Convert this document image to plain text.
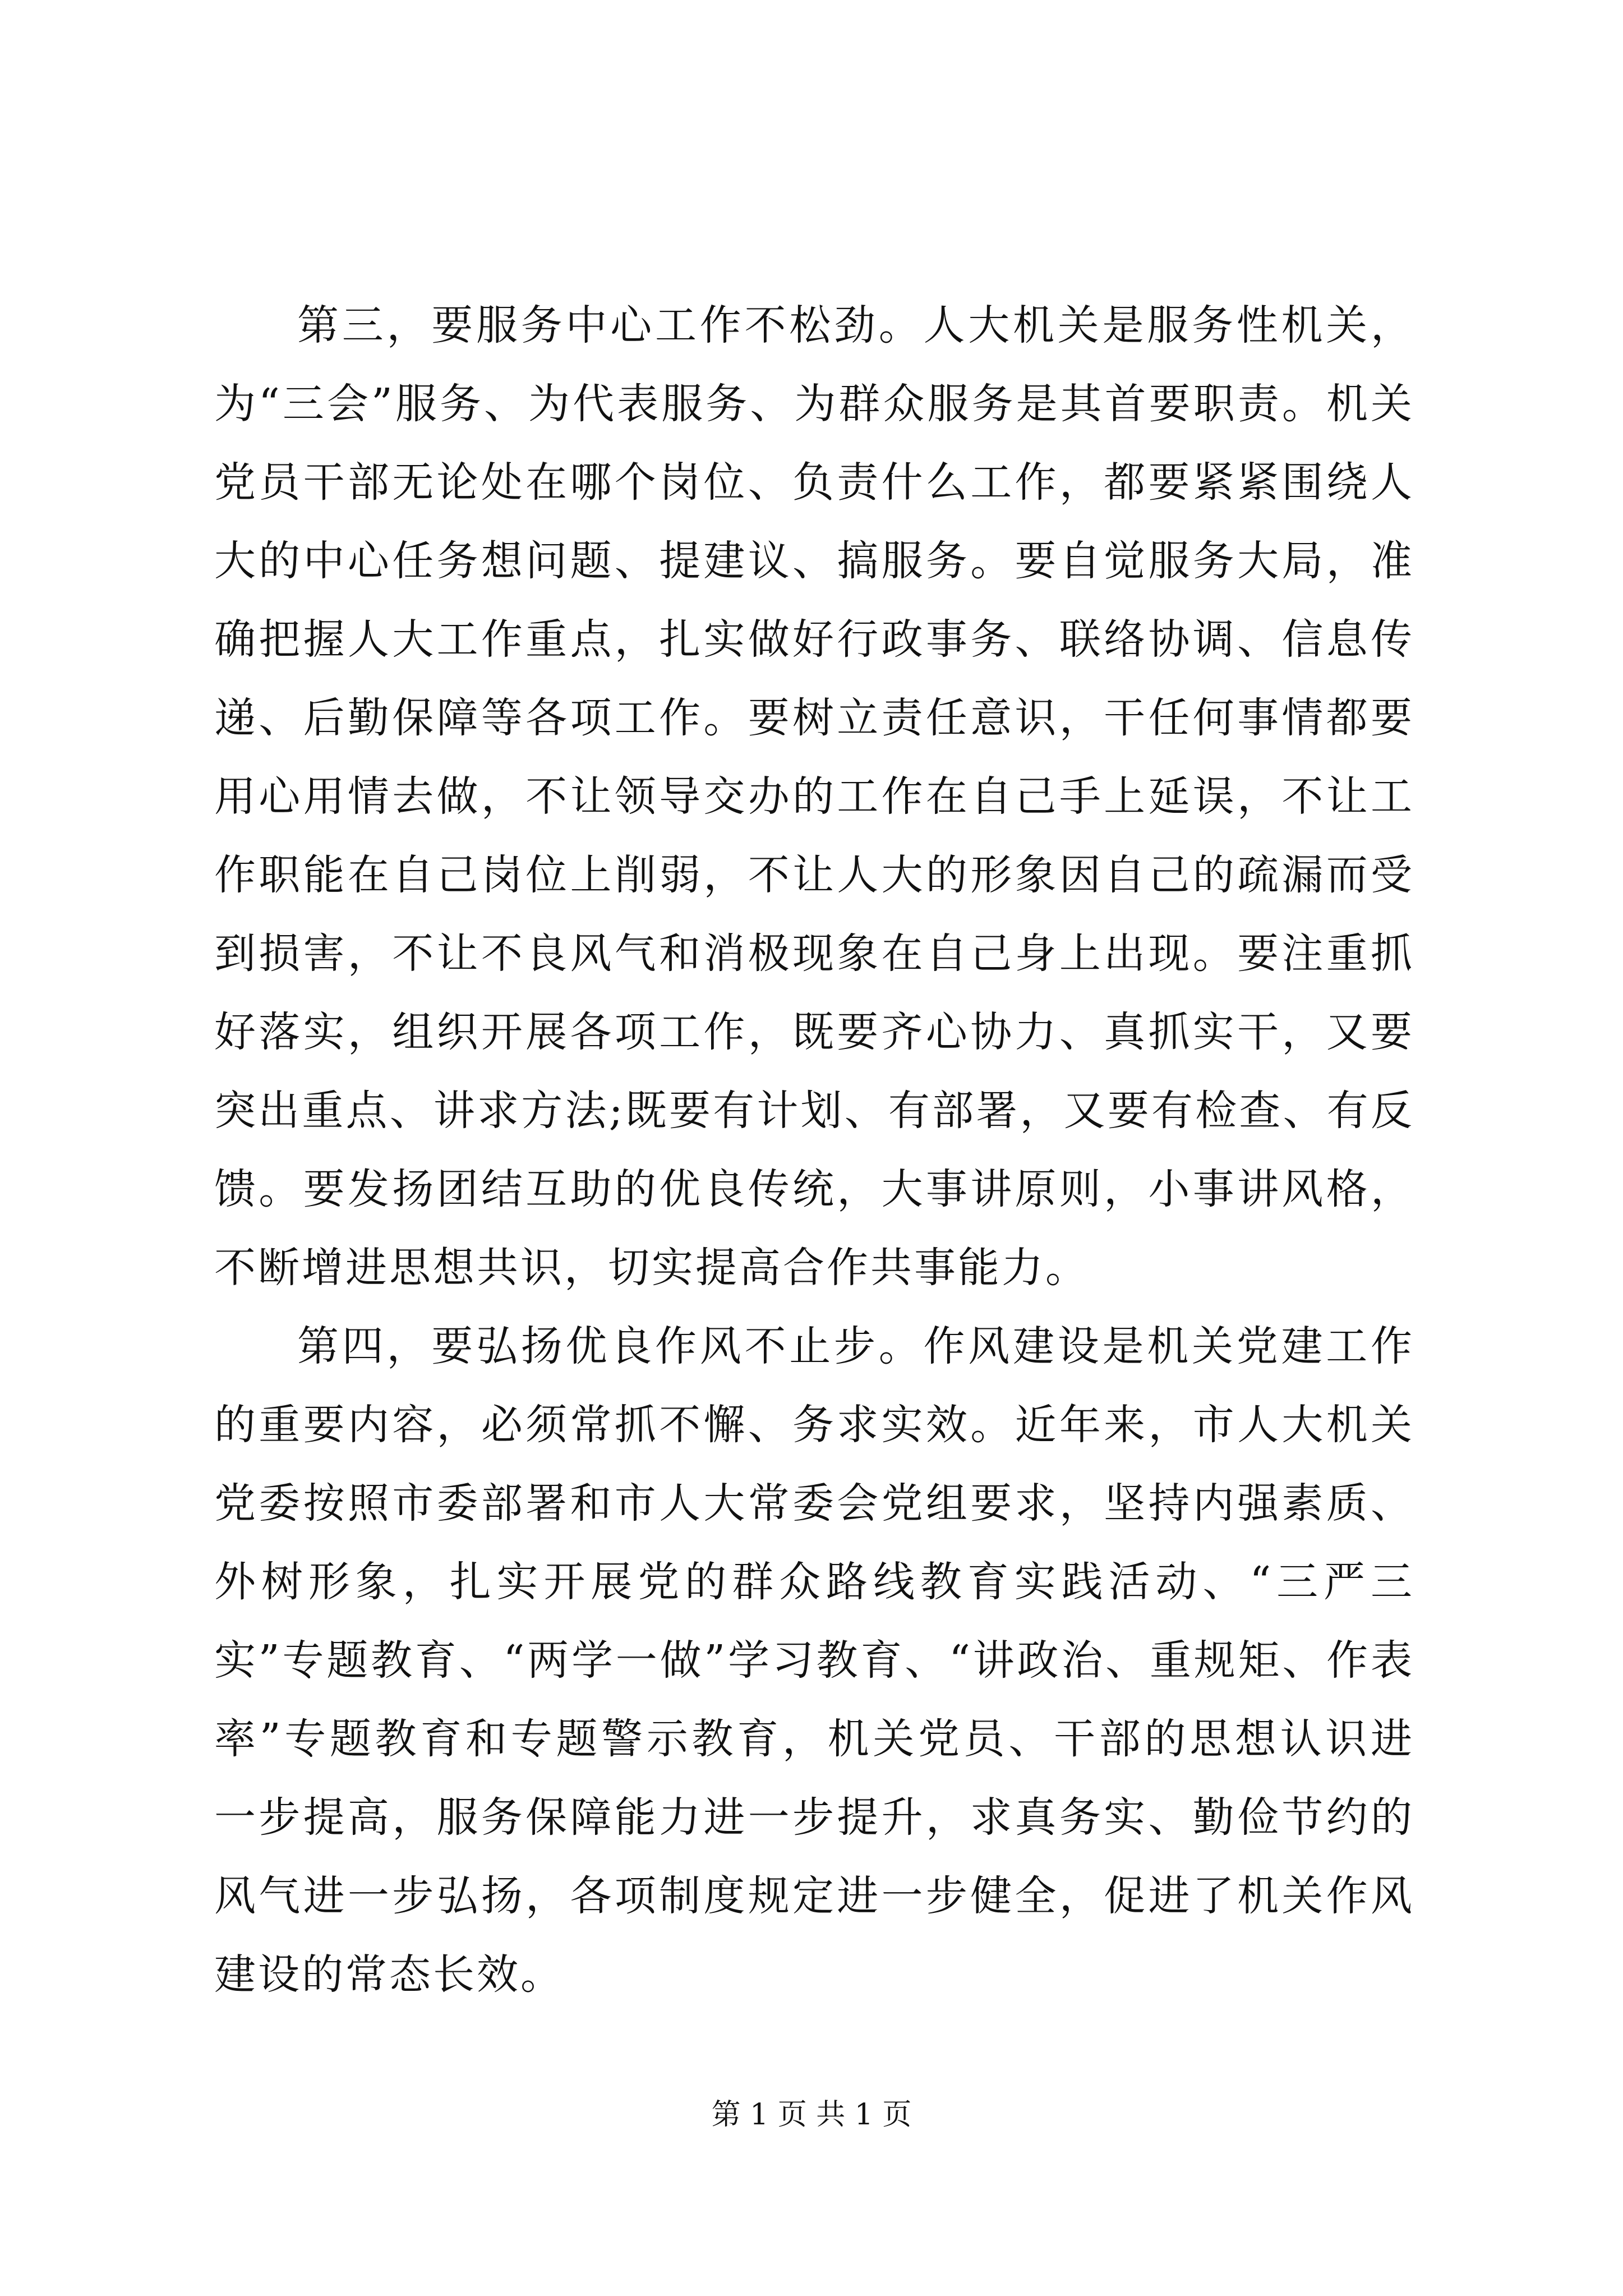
第三，要服务中心工作不松劲。人大机关是服务性机关，为“三会”服务、为代表服务、为群众服务是其首要职责。机关党员干部无论处在哪个岗位、负责什么工作，都要紧紧围绕人大的中心任务想问题、提建议、搞服务。要自觉服务大局，准确把握人大工作重点，扎实做好行政事务、联络协调、信息传递、后勤保障等各项工作。要树立责任意识，干任何事情都要用心用情去做，不让领导交办的工作在自己手上延误，不让工作职能在自己岗位上削弱，不让人大的形象因自己的疏漏而受到损害，不让不良风气和消极现象在自己身上出现。要注重抓好落实，组织开展各项工作，既要齐心协力、真抓实干，又要突出重点、讲求方法;既要有计划、有部署，又要有检查、有反馈。要发扬团结互助的优良传统，大事讲原则，小事讲风格，不断增进思想共识，切实提高合作共事能力。

第四，要弘扬优良作风不止步。作风建设是机关党建工作的重要内容，必须常抓不懈、务求实效。近年来，市人大机关党委按照市委部署和市人大常委会党组要求，坚持内强素质、外树形象，扎实开展党的群众路线教育实践活动、“三严三实”专题教育、“两学一做”学习教育、“讲政治、重规矩、作表率”专题教育和专题警示教育，机关党员、干部的思想认识进一步提高，服务保障能力进一步提升，求真务实、勤俭节约的风气进一步弘扬，各项制度规定进一步健全，促进了机关作风建设的常态长效。

第 1 页 共 1 页
